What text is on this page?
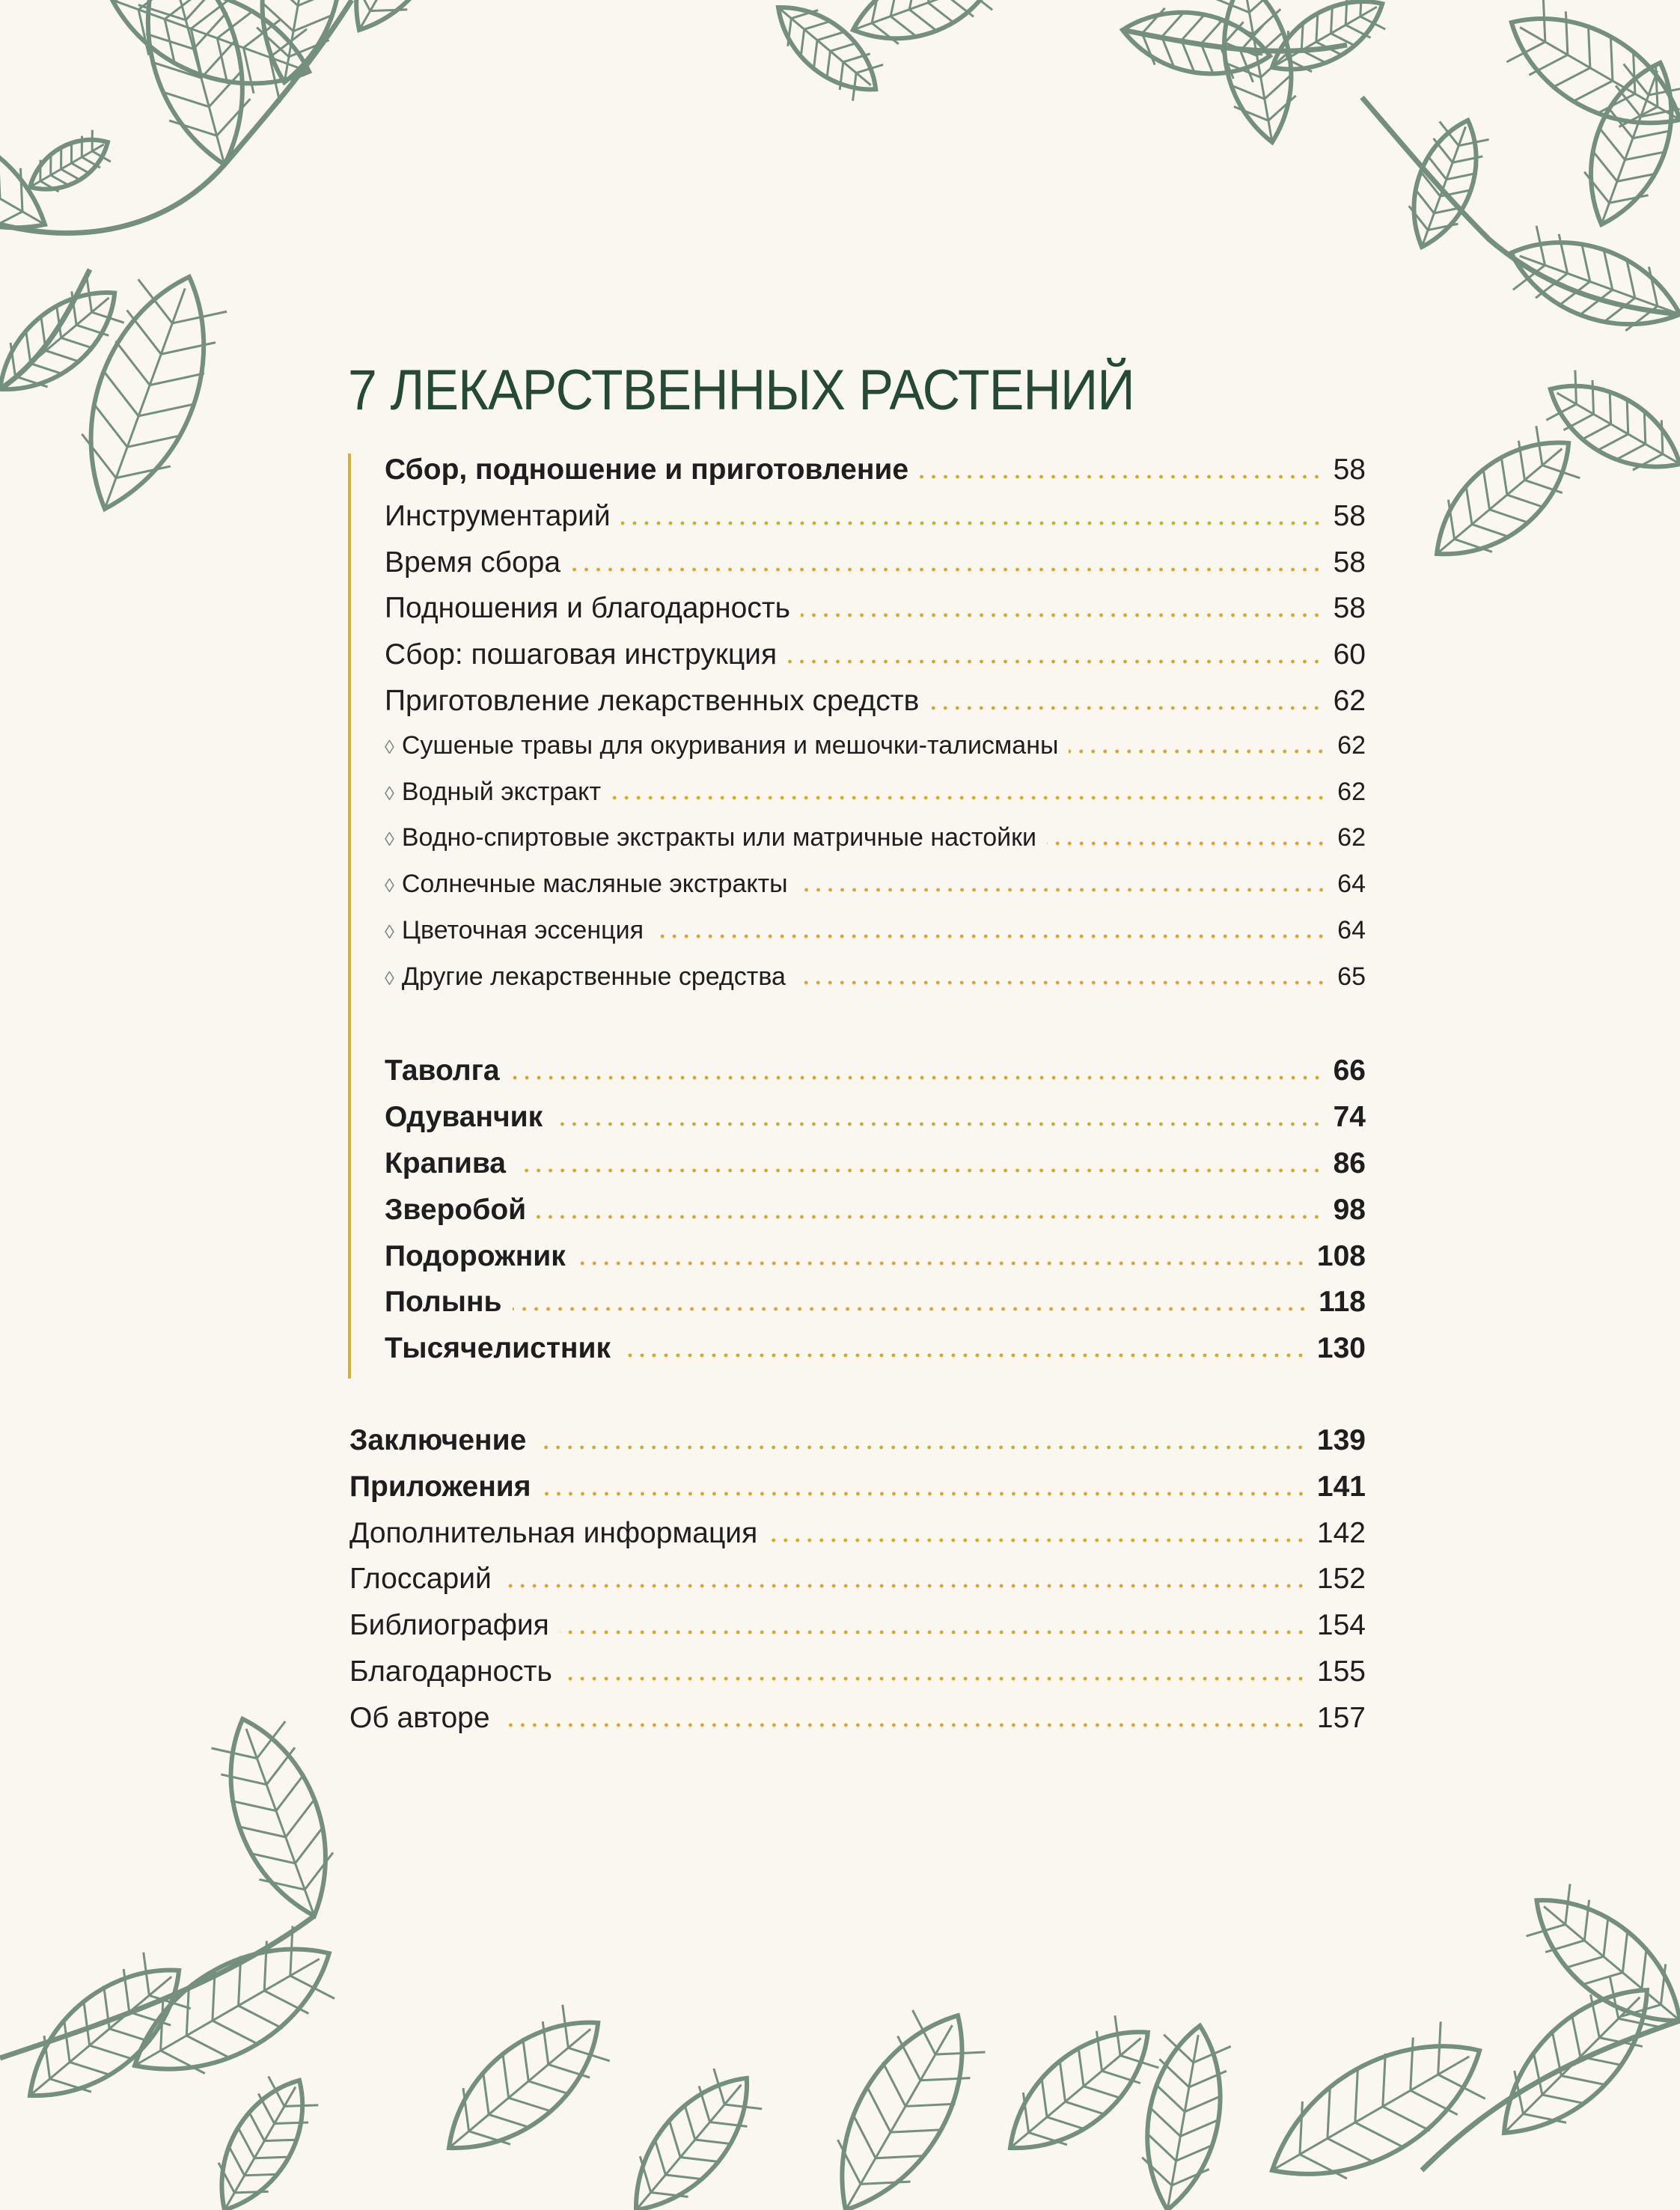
7 ЛЕКАРСТВЕННЫХ РАСТЕНИЙ
Сбор, подношение и приготовление	58
Инструментарий	58
Время сбора	58
Подношения и благодарность	58
Сбор: пошаговая инструкция	60
Приготовление лекарственных средств	62
◊ Сушеные травы для окуривания и мешочки-талисманы	62
◊ Водный экстракт	62
◊ Водно-спиртовые экстракты или матричные настойки	62
◊ Солнечные масляные экстракты	64
◊ Цветочная эссенция	64
◊ Другие лекарственные средства	65
Таволга	66
Одуванчик	74
Крапива	86
Зверобой	98
Подорожник	108
Полынь	118
Тысячелистник	130
Заключение	139
Приложения	141
Дополнительная информация	142
Глоссарий	152
Библиография	154
Благодарность	155
Об авторе	157
